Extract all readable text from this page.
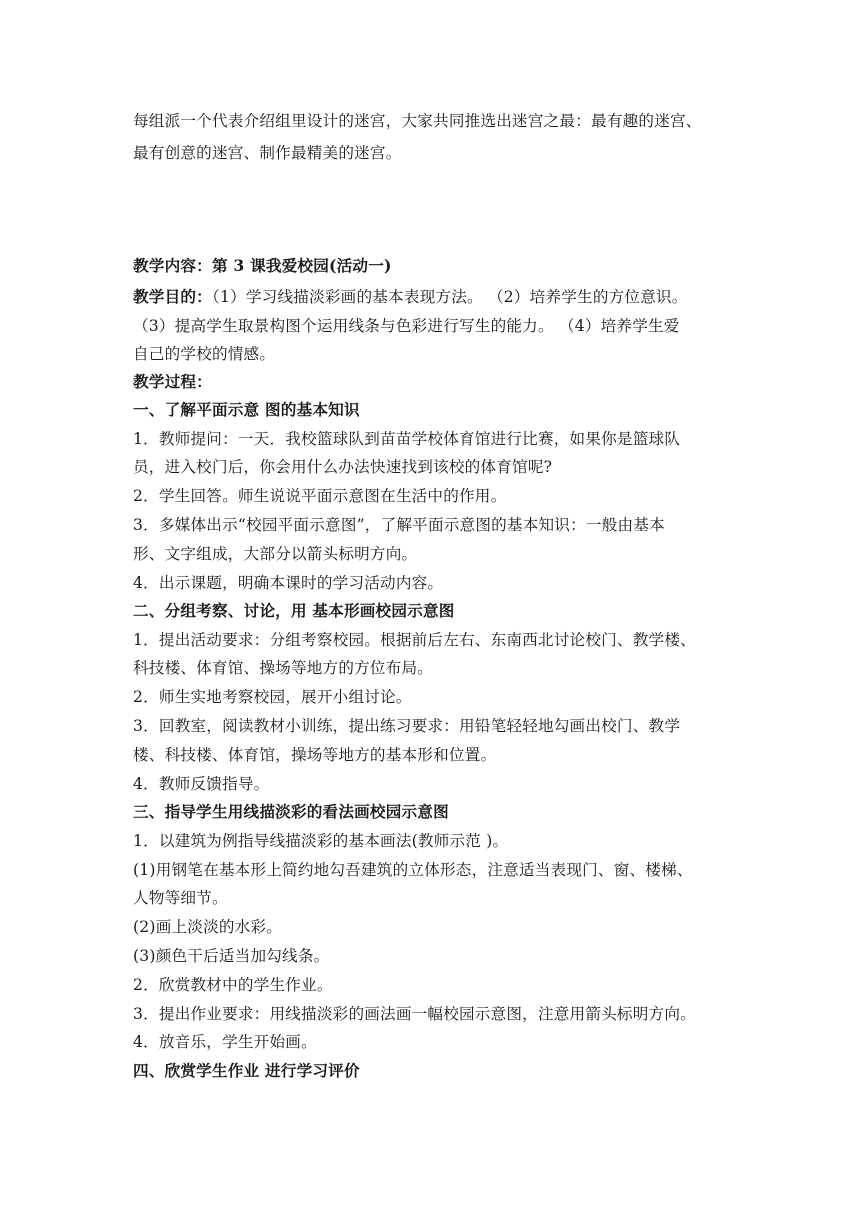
每组派一个代表介绍组里设计的迷宫，大家共同推选出迷宫之最：最有趣的迷宫、
最有创意的迷宫、制作最精美的迷宫。
教学内容：第 3 课我爱校园(活动一)
教学目的：（1）学习线描淡彩画的基本表现方法。 （2）培养学生的方位意识。
（3）提高学生取景构图个运用线条与色彩进行写生的能力。 （4）培养学生爱
自己的学校的情感。
教学过程：
一、了解平面示意 图的基本知识
1．教师提问：一天．我校篮球队到苗苗学校体育馆进行比赛，如果你是篮球队
员，进入校门后，你会用什么办法快速找到该校的体育馆呢?
2．学生回答。师生说说平面示意图在生活中的作用。
3．多媒体出示“校园平面示意图”，了解平面示意图的基本知识：一般由基本
形、文字组成，大部分以箭头标明方向。
4．出示课题，明确本课时的学习活动内容。
二、分组考察、讨论，用 基本形画校园示意图
1．提出活动要求：分组考察校园。根据前后左右、东南西北讨论校门、教学楼、
科技楼、体育馆、操场等地方的方位布局。
2．师生实地考察校园，展开小组讨论。
3．回教室，阅读教材小训练，提出练习要求：用铅笔轻轻地勾画出校门、教学
楼、科技楼、体育馆，操场等地方的基本形和位置。
4．教师反馈指导。
三、指导学生用线描淡彩的看法画校园示意图
1．以建筑为例指导线描淡彩的基本画法(教师示范 )。
(1)用钢笔在基本形上简约地勾吾建筑的立体形态，注意适当表现门、窗、楼梯、
人物等细节。
(2)画上淡淡的水彩。
(3)颜色干后适当加勾线条。
2．欣赏教材中的学生作业。
3．提出作业要求：用线描淡彩的画法画一幅校园示意图，注意用箭头标明方向。
4．放音乐，学生开始画。
四、欣赏学生作业 进行学习评价
